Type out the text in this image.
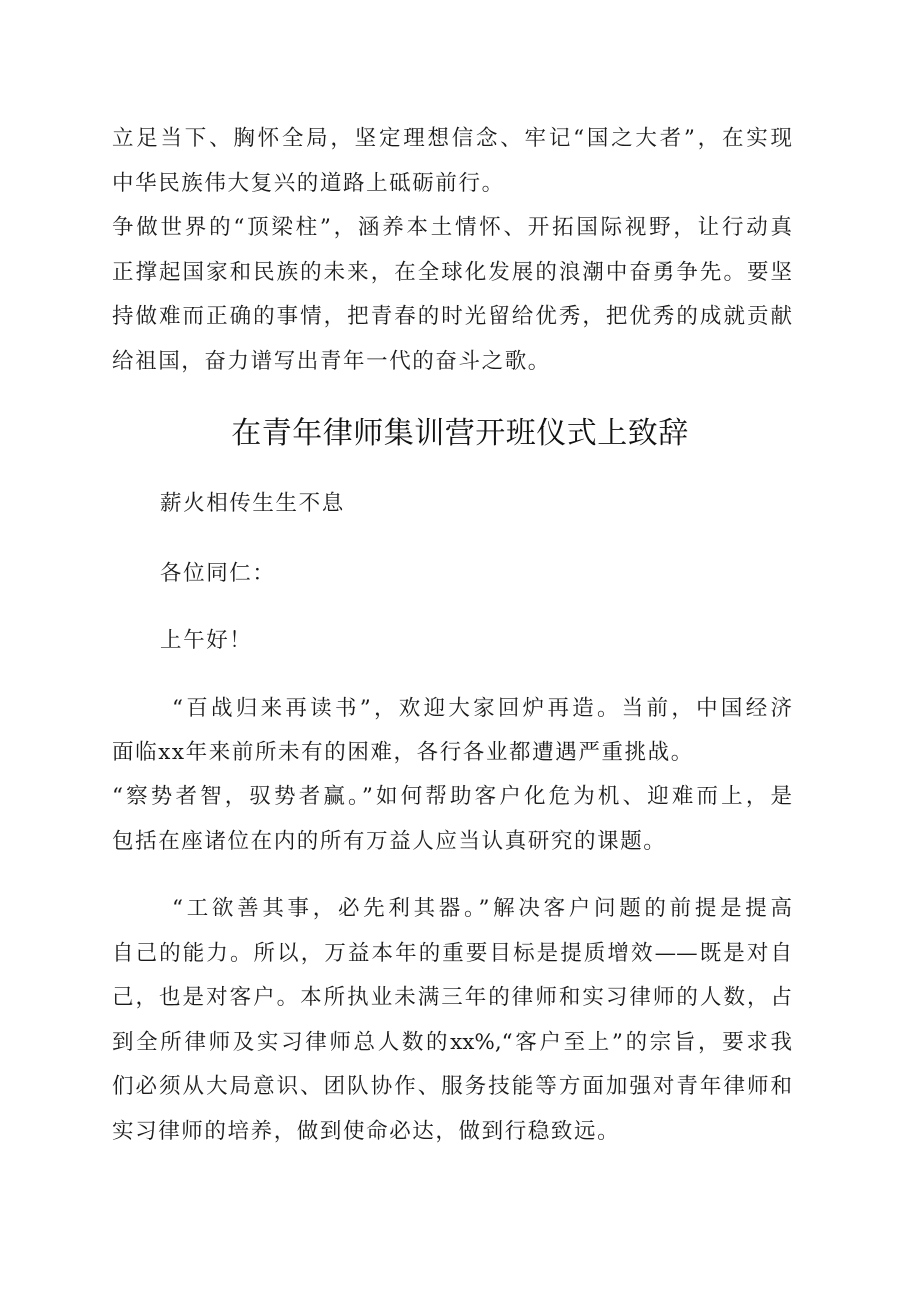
立足当下、胸怀全局，坚定理想信念、牢记“国之大者”，在实现
中华民族伟大复兴的道路上砥砺前行。
争做世界的“顶梁柱”，涵养本土情怀、开拓国际视野，让行动真
正撑起国家和民族的未来，在全球化发展的浪潮中奋勇争先。要坚
持做难而正确的事情，把青春的时光留给优秀，把优秀的成就贡献
给祖国，奋力谱写出青年一代的奋斗之歌。
在青年律师集训营开班仪式上致辞
薪火相传生生不息
各位同仁：
上午好！
“百战归来再读书”，欢迎大家回炉再造。当前，中国经济
面临xx年来前所未有的困难，各行各业都遭遇严重挑战。
“察势者智，驭势者赢。”如何帮助客户化危为机、迎难而上，是
包括在座诸位在内的所有万益人应当认真研究的课题。
“工欲善其事，必先利其器。”解决客户问题的前提是提高
自己的能力。所以，万益本年的重要目标是提质增效——既是对自
己，也是对客户。本所执业未满三年的律师和实习律师的人数，占
到全所律师及实习律师总人数的xx%,“客户至上”的宗旨，要求我
们必须从大局意识、团队协作、服务技能等方面加强对青年律师和
实习律师的培养，做到使命必达，做到行稳致远。
